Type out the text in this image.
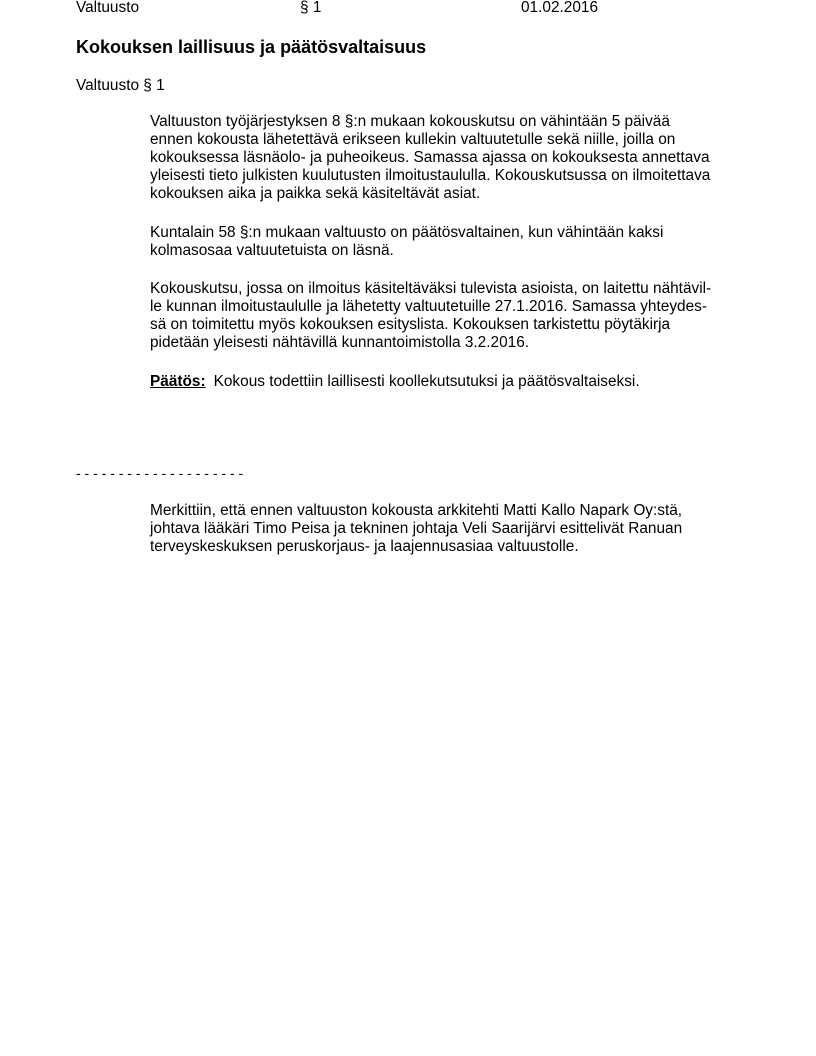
Valtuusto	§ 1	01.02.2016
Kokouksen laillisuus ja päätösvaltaisuus
Valtuusto § 1
Valtuuston työjärjestyksen 8 §:n mukaan kokouskutsu on vähintään 5 päivää
ennen kokousta lähetettävä erikseen kullekin valtuutetulle sekä niille, joilla on
kokouksessa läsnäolo- ja puheoikeus. Samassa ajassa on kokouksesta annettava
yleisesti tieto julkisten kuulutusten ilmoitustaululla. Kokouskutsussa on ilmoitettava
kokouksen aika ja paikka sekä käsiteltävät asiat.
Kuntalain 58 §:n mukaan valtuusto on päätösvaltainen, kun vähintään kaksi
kolmasosaa valtuutetuista on läsnä.
Kokouskutsu, jossa on ilmoitus käsiteltäväksi tulevista asioista, on laitettu nähtävil-
le kunnan ilmoitustaululle ja lähetetty valtuutetuille 27.1.2016. Samassa yhteydes-
sä on toimitettu myös kokouksen esityslista. Kokouksen tarkistettu pöytäkirja
pidetään yleisesti nähtävillä kunnantoimistolla 3.2.2016.
Päätös: Kokous todettiin laillisesti koollekutsutuksi ja päätösvaltaiseksi.
- - - - - - - - - - - - - - - - - - - -
Merkittiin, että ennen valtuuston kokousta arkkitehti Matti Kallo Napark Oy:stä,
johtava lääkäri Timo Peisa ja tekninen johtaja Veli Saarijärvi esittelivät Ranuan
terveyskeskuksen peruskorjaus- ja laajennusasiaa valtuustolle.
